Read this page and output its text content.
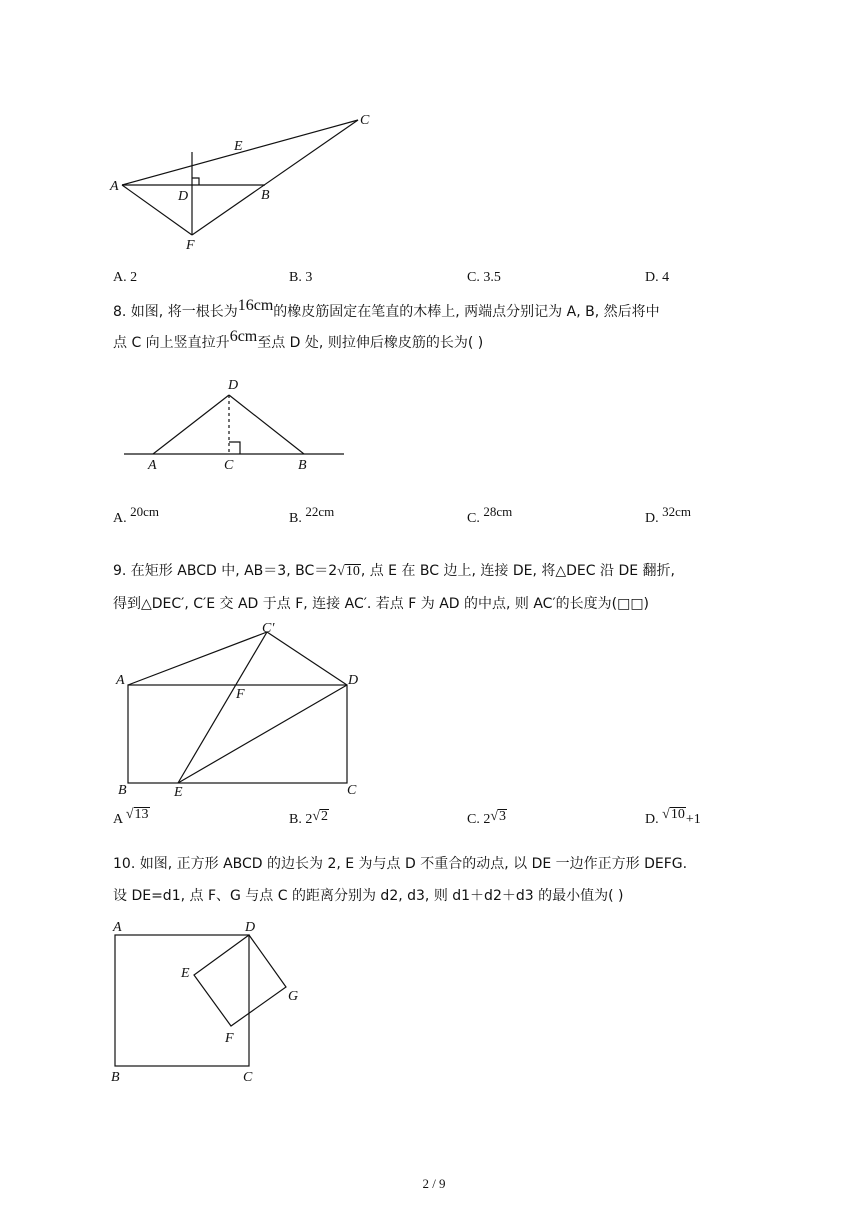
A
B
C
D
E
F
A. 2	B. 3	C. 3.5	D. 4
8. 如图, 将一根长为16cm的橡皮筋固定在笔直的木棒上, 两端点分别记为 A, B, 然后将中
点 C 向上竖直拉升6cm至点 D 处, 则拉伸后橡皮筋的长为( )
A	C	B
D
A. 20cm	B. 22cm	C. 28cm	D. 32cm
9. 在矩形 ABCD 中, AB＝3, BC＝2√10, 点 E 在 BC 边上, 连接 DE, 将△DEC 沿 DE 翻折,
得到△DEC′, C′E 交 AD 于点 F, 连接 AC′. 若点 F 为 AD 的中点, 则 AC′的长度为(□□)
A	D
B	C
E
F
C′
A √13	B. 2√2	C. 2√3	D. √10+1
10. 如图, 正方形 ABCD 的边长为 2, E 为与点 D 不重合的动点, 以 DE 一边作正方形 DEFG.
设 DE=d1, 点 F、G 与点 C 的距离分别为 d2, d3, 则 d1＋d2＋d3 的最小值为( )
A	D
B	C
E
F
G
2 / 9
